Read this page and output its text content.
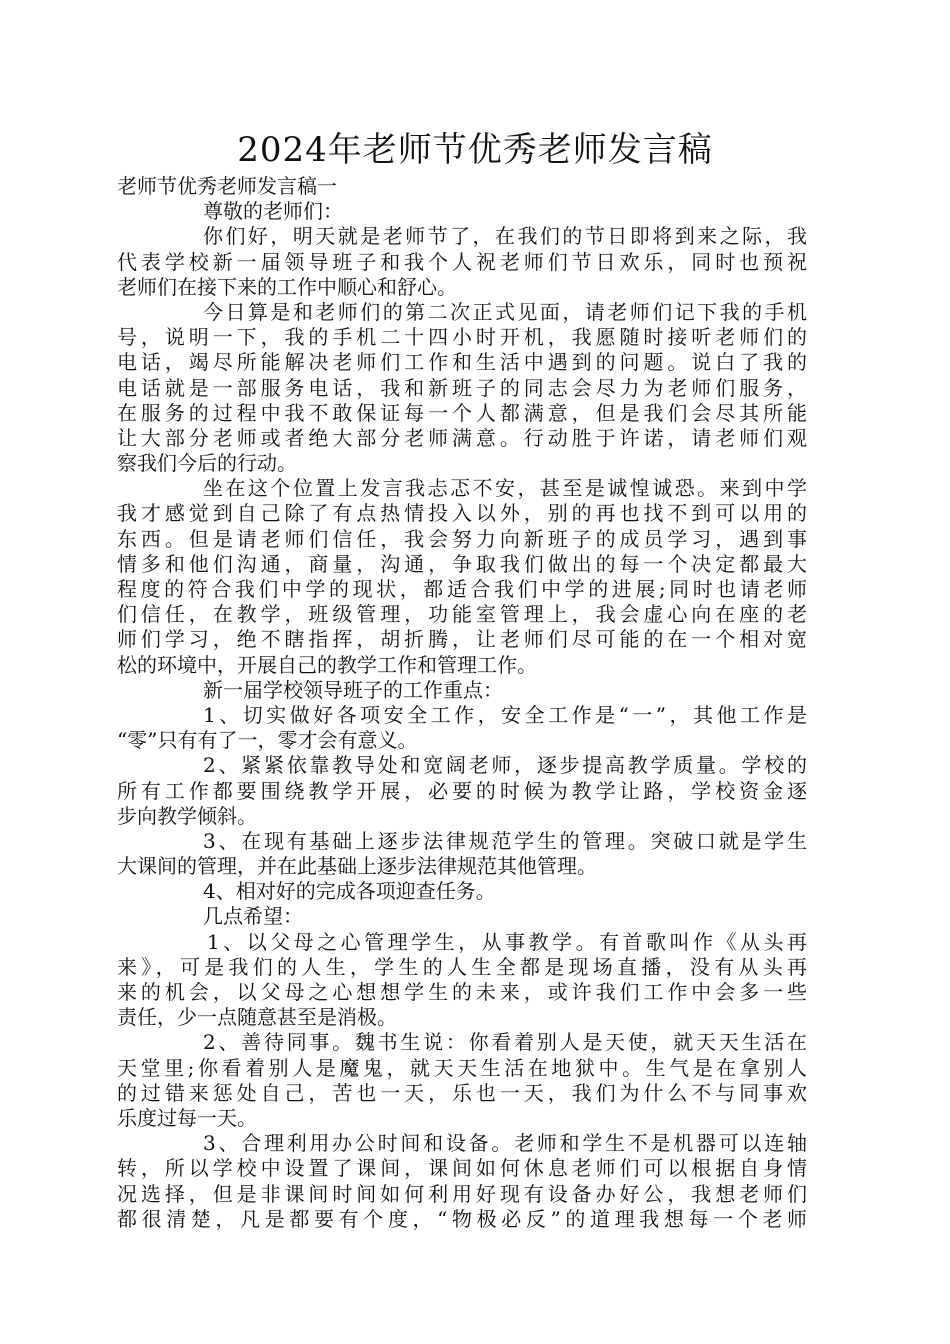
2024年老师节优秀老师发言稿
老师节优秀老师发言稿一
尊敬的老师们：
你们好，明天就是老师节了，在我们的节日即将到来之际，我
代表学校新一届领导班子和我个人祝老师们节日欢乐，同时也预祝
老师们在接下来的工作中顺心和舒心。
今日算是和老师们的第二次正式见面，请老师们记下我的手机
号，说明一下，我的手机二十四小时开机，我愿随时接听老师们的
电话，竭尽所能解决老师们工作和生活中遇到的问题。说白了我的
电话就是一部服务电话，我和新班子的同志会尽力为老师们服务，
在服务的过程中我不敢保证每一个人都满意，但是我们会尽其所能
让大部分老师或者绝大部分老师满意。行动胜于许诺，请老师们观
察我们今后的行动。
坐在这个位置上发言我忐忑不安，甚至是诚惶诚恐。来到中学
我才感觉到自己除了有点热情投入以外，别的再也找不到可以用的
东西。但是请老师们信任，我会努力向新班子的成员学习，遇到事
情多和他们沟通，商量，沟通，争取我们做出的每一个决定都最大
程度的符合我们中学的现状，都适合我们中学的进展;同时也请老师
们信任，在教学，班级管理，功能室管理上，我会虚心向在座的老
师们学习，绝不瞎指挥，胡折腾，让老师们尽可能的在一个相对宽
松的环境中，开展自己的教学工作和管理工作。
新一届学校领导班子的工作重点：
1、切实做好各项安全工作，安全工作是“一”，其他工作是
“零”只有有了一，零才会有意义。
2、紧紧依靠教导处和宽阔老师，逐步提高教学质量。学校的
所有工作都要围绕教学开展，必要的时候为教学让路，学校资金逐
步向教学倾斜。
3、在现有基础上逐步法律规范学生的管理。突破口就是学生
大课间的管理，并在此基础上逐步法律规范其他管理。
4、相对好的完成各项迎查任务。
几点希望：
1、以父母之心管理学生，从事教学。有首歌叫作《从头再
来》，可是我们的人生，学生的人生全都是现场直播，没有从头再
来的机会，以父母之心想想学生的未来，或许我们工作中会多一些
责任，少一点随意甚至是消极。
2、善待同事。魏书生说：你看着别人是天使，就天天生活在
天堂里;你看着别人是魔鬼，就天天生活在地狱中。生气是在拿别人
的过错来惩处自己，苦也一天，乐也一天，我们为什么不与同事欢
乐度过每一天。
3、合理利用办公时间和设备。老师和学生不是机器可以连轴
转，所以学校中设置了课间，课间如何休息老师们可以根据自身情
况选择，但是非课间时间如何利用好现有设备办好公，我想老师们
都很清楚，凡是都要有个度，“物极必反”的道理我想每一个老师
